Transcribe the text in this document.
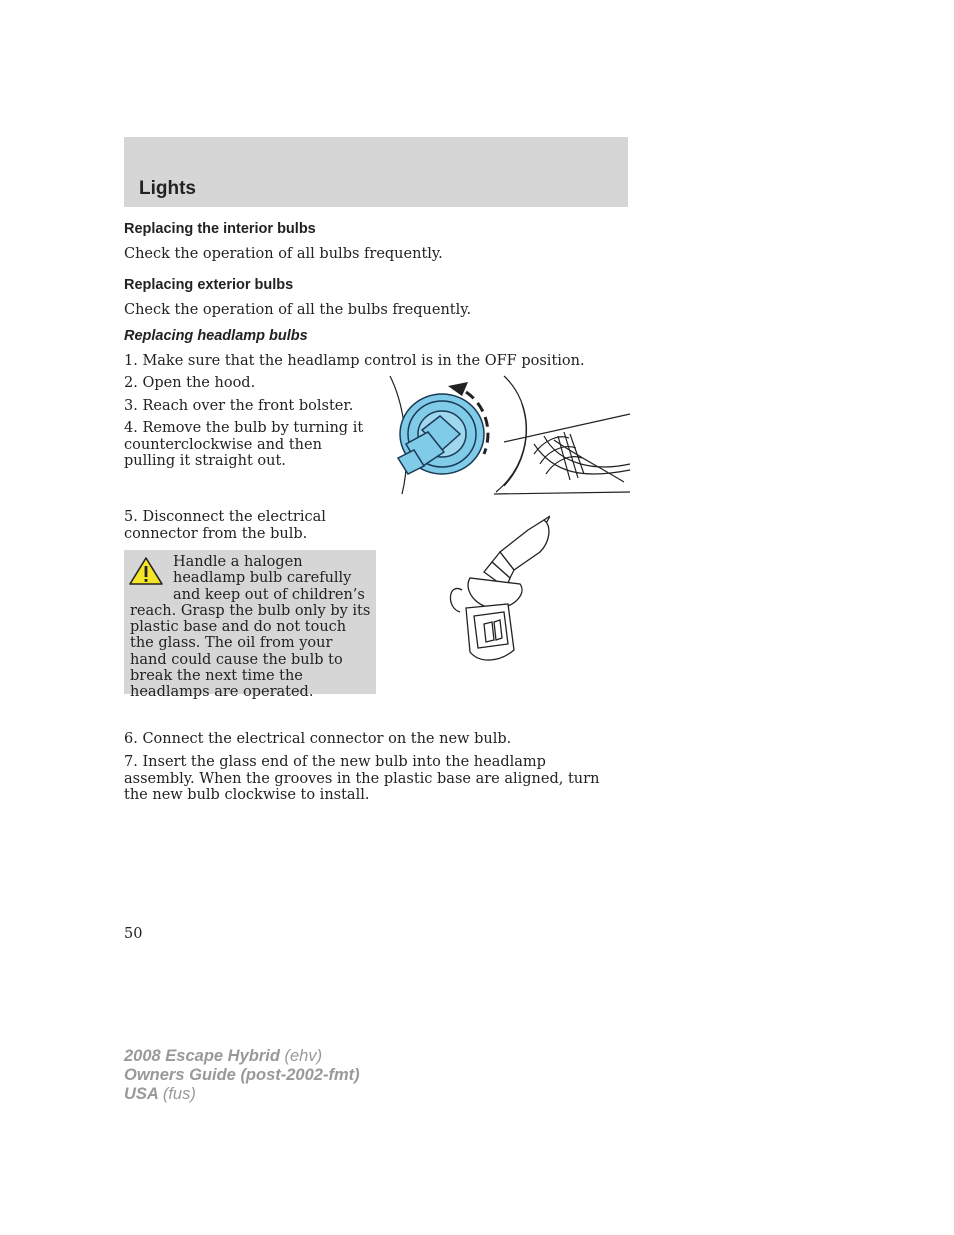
Lights
Replacing the interior bulbs
Check the operation of all bulbs frequently.
Replacing exterior bulbs
Check the operation of all the bulbs frequently.
Replacing headlamp bulbs
1. Make sure that the headlamp control is in the OFF position.
2. Open the hood.
3. Reach over the front bolster.
4. Remove the bulb by turning it counterclockwise and then pulling it straight out.
5. Disconnect the electrical connector from the bulb.
Handle a halogen headlamp bulb carefully and keep out of children’s reach. Grasp the bulb only by its plastic base and do not touch the glass. The oil from your hand could cause the bulb to break the next time the headlamps are operated.
6. Connect the electrical connector on the new bulb.
7. Insert the glass end of the new bulb into the headlamp assembly. When the grooves in the plastic base are aligned, turn the new bulb clockwise to install.
50
2008 Escape Hybrid (ehv)
Owners Guide (post-2002-fmt)
USA (fus)
